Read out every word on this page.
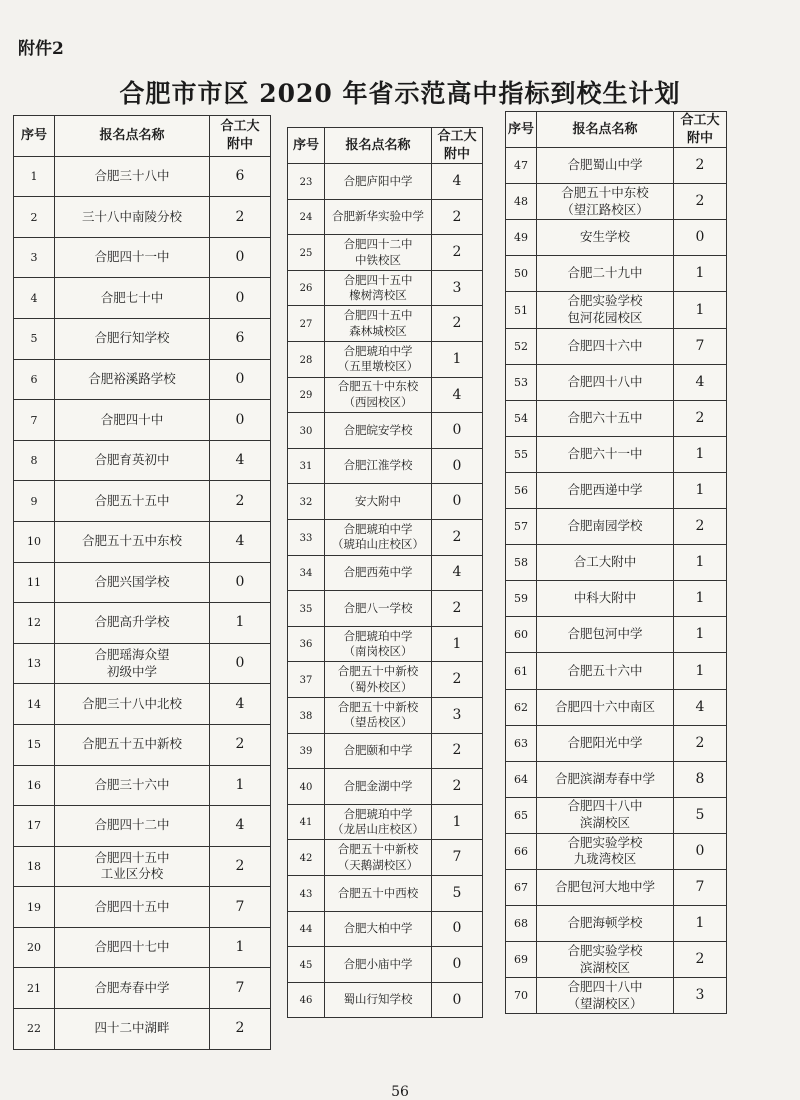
附件2
合肥市市区 2020 年省示范高中指标到校生计划
序号	报名点名称	合工大
附中
1	合肥三十八中	6
2	三十八中南陵分校	2
3	合肥四十一中	0
4	合肥七十中	0
5	合肥行知学校	6
6	合肥裕溪路学校	0
7	合肥四十中	0
8	合肥育英初中	4
9	合肥五十五中	2
10	合肥五十五中东校	4
11	合肥兴国学校	0
12	合肥高升学校	1
13	合肥瑶海众望
初级中学	0
14	合肥三十八中北校	4
15	合肥五十五中新校	2
16	合肥三十六中	1
17	合肥四十二中	4
18	合肥四十五中
工业区分校	2
19	合肥四十五中	7
20	合肥四十七中	1
21	合肥寿春中学	7
22	四十二中湖畔	2
序号	报名点名称	合工大
附中
23	合肥庐阳中学	4
24	合肥新华实验中学	2
25	合肥四十二中
中铁校区	2
26	合肥四十五中
橡树湾校区	3
27	合肥四十五中
森林城校区	2
28	合肥琥珀中学
（五里墩校区）	1
29	合肥五十中东校
（西园校区）	4
30	合肥皖安学校	0
31	合肥江淮学校	0
32	安大附中	0
33	合肥琥珀中学
（琥珀山庄校区）	2
34	合肥西苑中学	4
35	合肥八一学校	2
36	合肥琥珀中学
（南岗校区）	1
37	合肥五十中新校
（蜀外校区）	2
38	合肥五十中新校
（望岳校区）	3
39	合肥颐和中学	2
40	合肥金湖中学	2
41	合肥琥珀中学
（龙居山庄校区）	1
42	合肥五十中新校
（天鹅湖校区）	7
43	合肥五十中西校	5
44	合肥大柏中学	0
45	合肥小庙中学	0
46	蜀山行知学校	0
序号	报名点名称	合工大
附中
47	合肥蜀山中学	2
48	合肥五十中东校
（望江路校区）	2
49	安生学校	0
50	合肥二十九中	1
51	合肥实验学校
包河花园校区	1
52	合肥四十六中	7
53	合肥四十八中	4
54	合肥六十五中	2
55	合肥六十一中	1
56	合肥西递中学	1
57	合肥南园学校	2
58	合工大附中	1
59	中科大附中	1
60	合肥包河中学	1
61	合肥五十六中	1
62	合肥四十六中南区	4
63	合肥阳光中学	2
64	合肥滨湖寿春中学	8
65	合肥四十八中
滨湖校区	5
66	合肥实验学校
九珑湾校区	0
67	合肥包河大地中学	7
68	合肥海顿学校	1
69	合肥实验学校
滨湖校区	2
70	合肥四十八中
（望湖校区）	3
56
